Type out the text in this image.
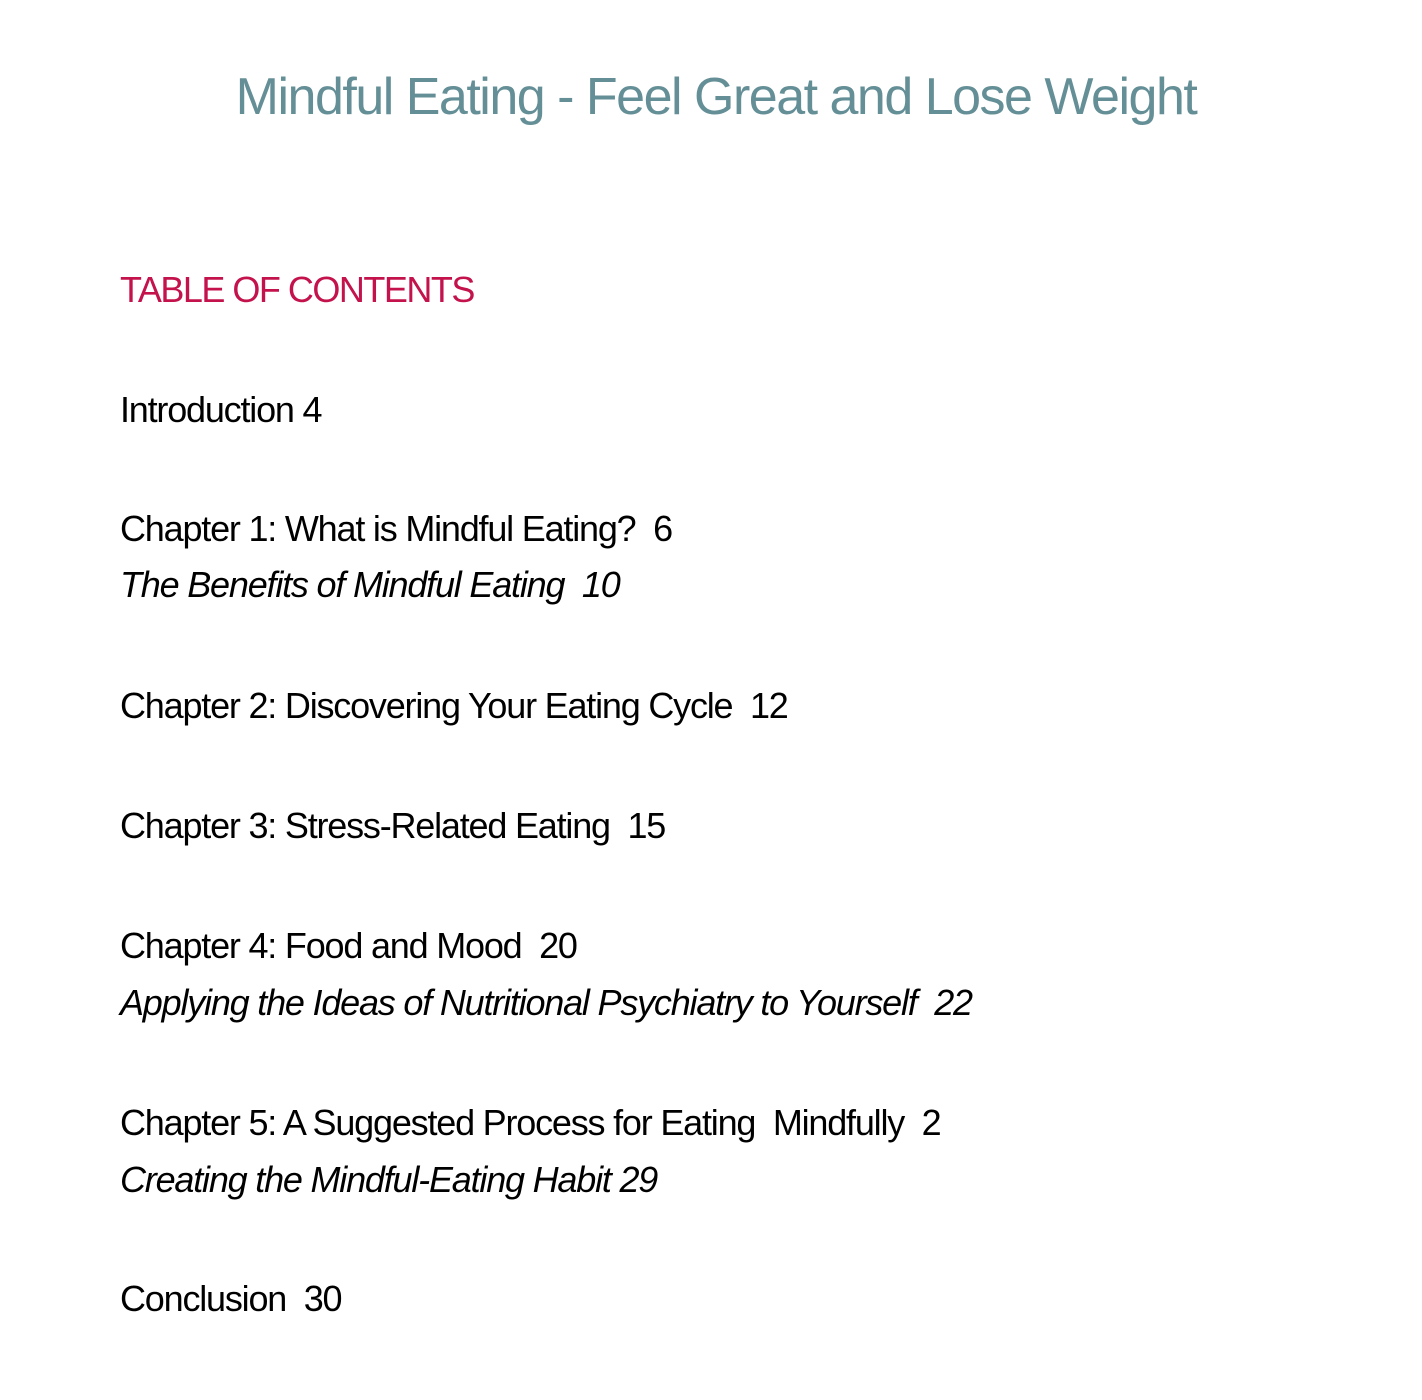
Mindful Eating - Feel Great and Lose Weight
TABLE OF CONTENTS
Introduction 4
Chapter 1: What is Mindful Eating?  6
The Benefits of Mindful Eating  10
Chapter 2: Discovering Your Eating Cycle  12
Chapter 3: Stress-Related Eating  15
Chapter 4: Food and Mood  20
Applying the Ideas of Nutritional Psychiatry to Yourself  22
Chapter 5: A Suggested Process for Eating  Mindfully  2
Creating the Mindful-Eating Habit 29
Conclusion  30
